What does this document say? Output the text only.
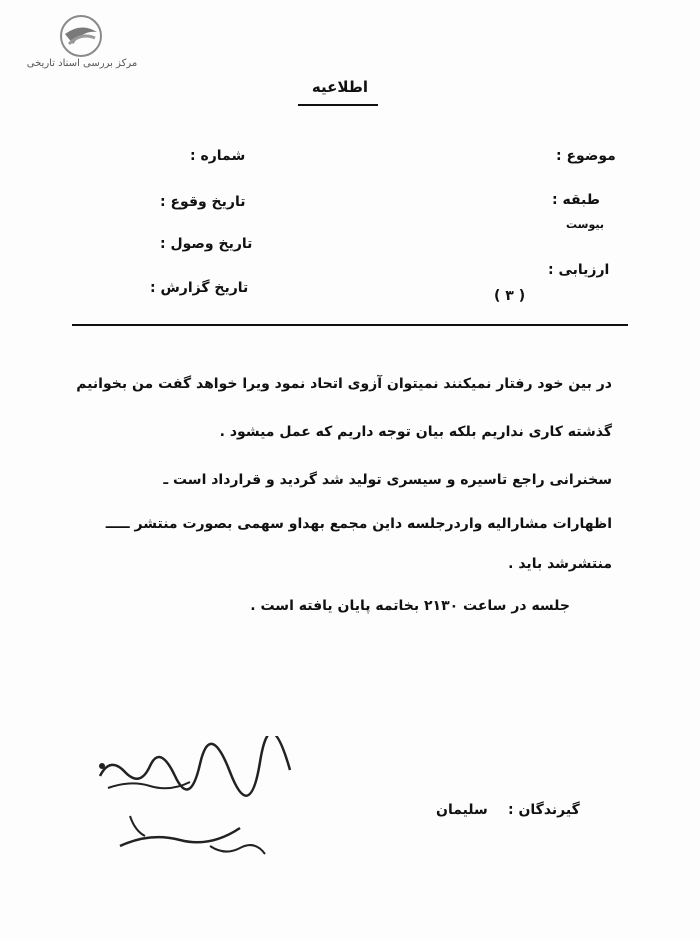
مرکز بررسی اسناد تاریخی
اطلاعیه
شماره :
تاریخ وقوع :
تاریخ وصول :
تاریخ گزارش :
موضوع :
طبقه :
بیوست
ارزیابی :
( ۳ )
در بین خود رفتار نمیکنند نمیتوان آزوی اتحاد نمود ویرا خواهد گفت من بخوانیم
گذشته کاری نداریم بلکه بیان توجه داریم که عمل میشود .
سخنرانی راجع تاسیره و سیسری تولید شد گردید و قرارداد است ـ
اظهارات مشارالیه واردرجلسه داین مجمع بهداو سهمی بصورت منتشر ـــــ
منتشرشد باید .
جلسه در ساعت ۲۱۳۰ بخاتمه پایان یافته است .
گیرندگان :
سلیمان
